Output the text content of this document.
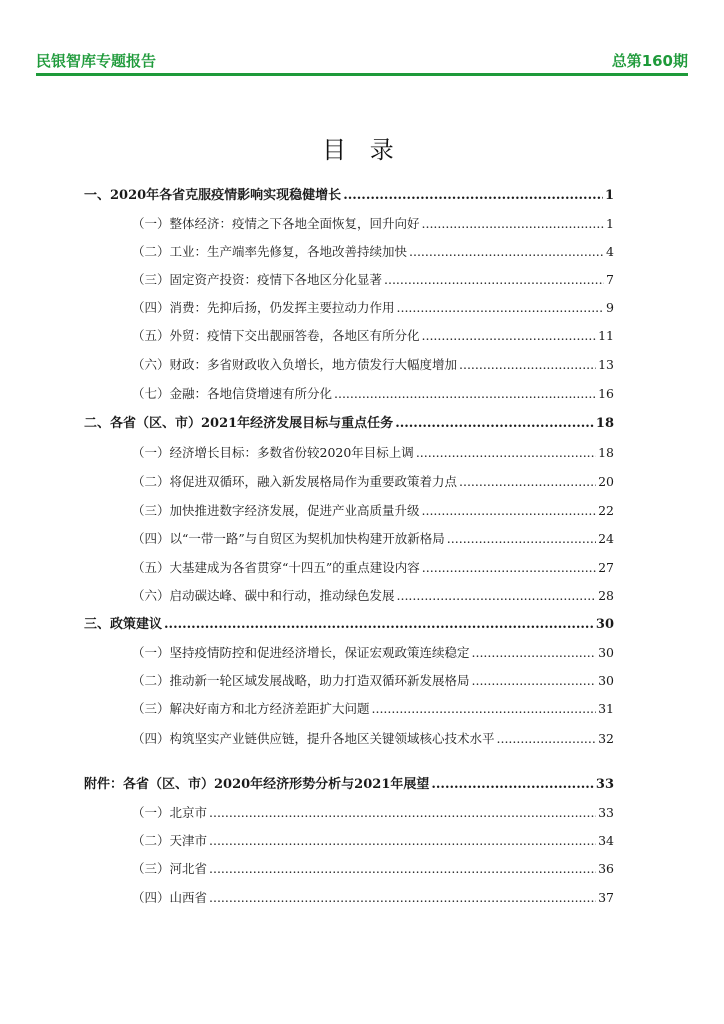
民银智库专题报告	总第160期
目 录
一、2020年各省克服疫情影响实现稳健增长 .....	1
（一）整体经济：疫情之下各地全面恢复，回升向好 .....	1
（二）工业：生产端率先修复，各地改善持续加快 .....	4
（三）固定资产投资：疫情下各地区分化显著 .....	7
（四）消费：先抑后扬，仍发挥主要拉动力作用 .....	9
（五）外贸：疫情下交出靓丽答卷，各地区有所分化 .....	11
（六）财政：多省财政收入负增长，地方债发行大幅度增加 .....	13
（七）金融：各地信贷增速有所分化 .....	16
二、各省（区、市）2021年经济发展目标与重点任务 .....	18
（一）经济增长目标：多数省份较2020年目标上调 .....	18
（二）将促进双循环，融入新发展格局作为重要政策着力点 .....	20
（三）加快推进数字经济发展，促进产业高质量升级 .....	22
（四）以“一带一路”与自贸区为契机加快构建开放新格局 .....	24
（五）大基建成为各省贯穿“十四五”的重点建设内容 .....	27
（六）启动碳达峰、碳中和行动，推动绿色发展 .....	28
三、政策建议 .....	30
（一）坚持疫情防控和促进经济增长，保证宏观政策连续稳定 .....	30
（二）推动新一轮区域发展战略，助力打造双循环新发展格局 .....	30
（三）解决好南方和北方经济差距扩大问题 .....	31
（四）构筑坚实产业链供应链，提升各地区关键领域核心技术水平 .....	32
附件：各省（区、市）2020年经济形势分析与2021年展望 .....	33
（一）北京市 .....	33
（二）天津市 .....	34
（三）河北省 .....	36
（四）山西省 .....	37
